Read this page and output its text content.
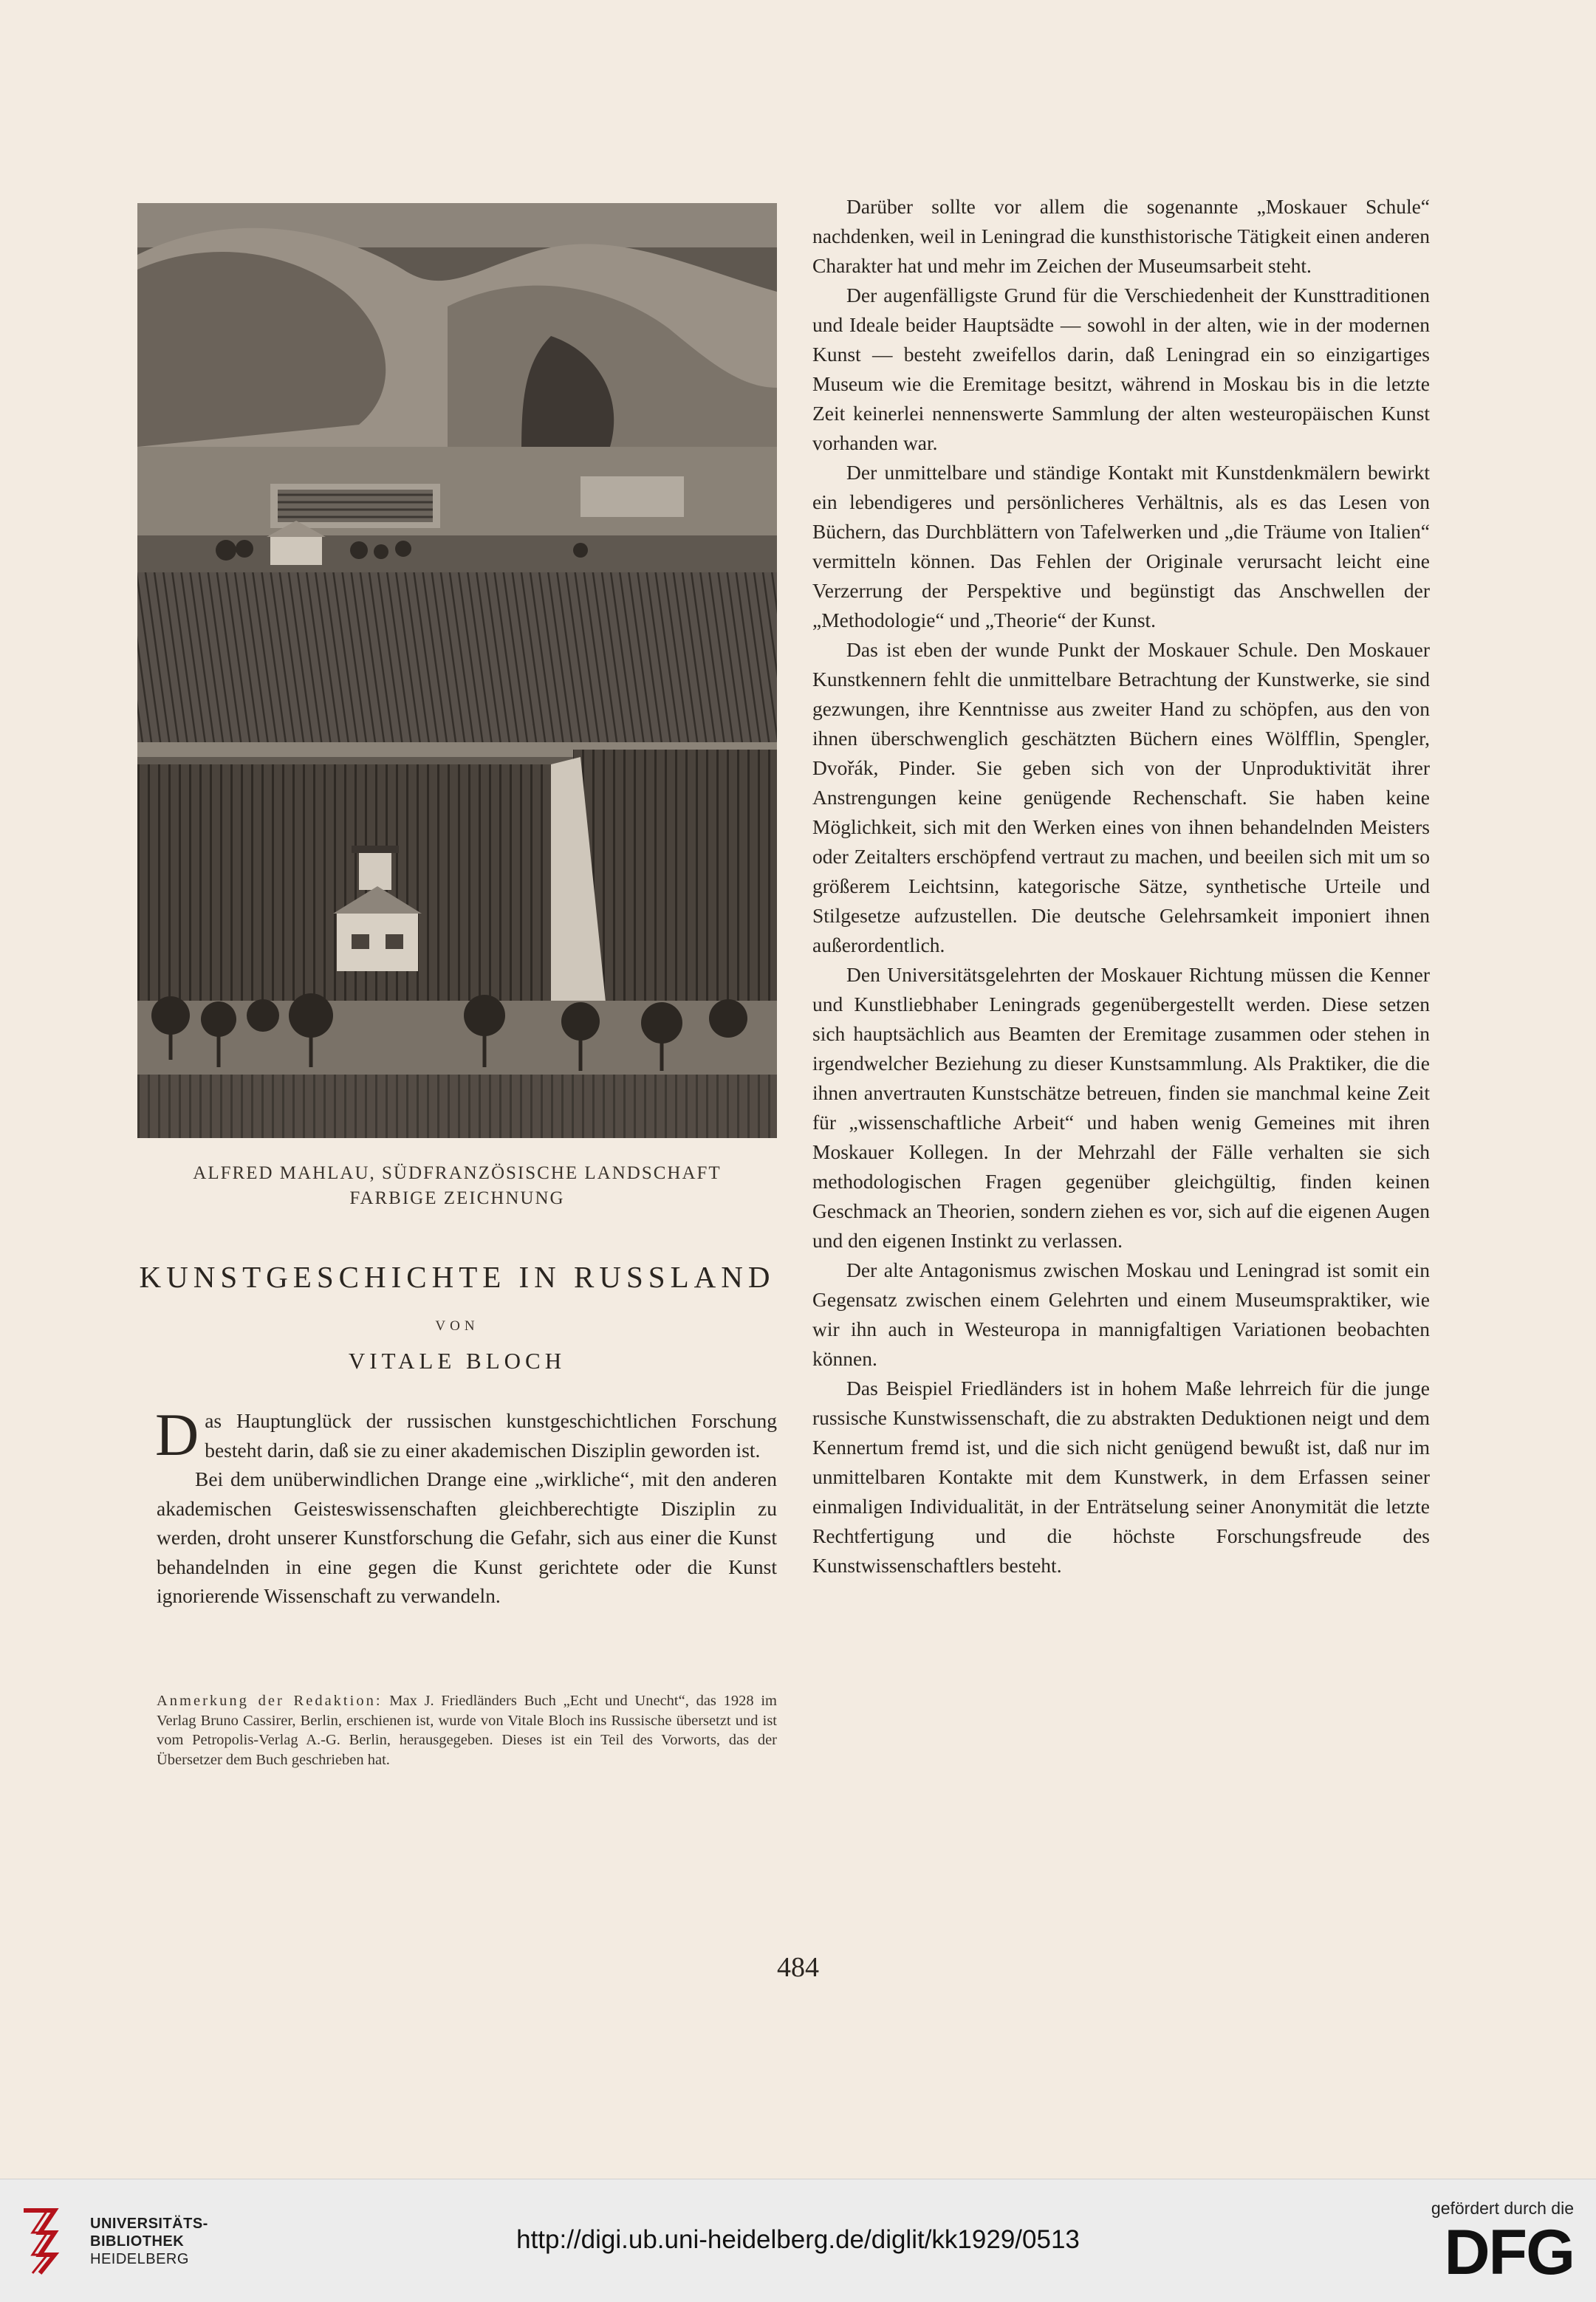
ALFRED MAHLAU, SÜDFRANZÖSISCHE LANDSCHAFT
FARBIGE ZEICHNUNG
KUNSTGESCHICHTE IN RUSSLAND
VON
VITALE BLOCH

Das Hauptunglück der russischen kunstgeschichtlichen Forschung besteht darin, daß sie zu einer akademischen Disziplin geworden ist.

Bei dem unüberwindlichen Drange eine „wirkliche“, mit den anderen akademischen Geisteswissenschaften gleichberechtigte Disziplin zu werden, droht unserer Kunstforschung die Gefahr, sich aus einer die Kunst behandelnden in eine gegen die Kunst gerichtete oder die Kunst ignorierende Wissenschaft zu verwandeln.

Anmerkung der Redaktion: Max J. Friedländers Buch „Echt und Unecht“, das 1928 im Verlag Bruno Cassirer, Berlin, erschienen ist, wurde von Vitale Bloch ins Russische übersetzt und ist vom Petropolis-Verlag A.-G. Berlin, herausgegeben. Dieses ist ein Teil des Vorworts, das der Übersetzer dem Buch geschrieben hat.

Darüber sollte vor allem die sogenannte „Moskauer Schule“ nachdenken, weil in Leningrad die kunsthistorische Tätigkeit einen anderen Charakter hat und mehr im Zeichen der Museumsarbeit steht.

Der augenfälligste Grund für die Verschiedenheit der Kunsttraditionen und Ideale beider Hauptsädte — sowohl in der alten, wie in der modernen Kunst — besteht zweifellos darin, daß Leningrad ein so einzigartiges Museum wie die Eremitage besitzt, während in Moskau bis in die letzte Zeit keinerlei nennenswerte Sammlung der alten westeuropäischen Kunst vorhanden war.

Der unmittelbare und ständige Kontakt mit Kunstdenkmälern bewirkt ein lebendigeres und persönlicheres Verhältnis, als es das Lesen von Büchern, das Durchblättern von Tafelwerken und „die Träume von Italien“ vermitteln können. Das Fehlen der Originale verursacht leicht eine Verzerrung der Perspektive und begünstigt das Anschwellen der „Methodologie“ und „Theorie“ der Kunst.

Das ist eben der wunde Punkt der Moskauer Schule. Den Moskauer Kunstkennern fehlt die unmittelbare Betrachtung der Kunstwerke, sie sind gezwungen, ihre Kenntnisse aus zweiter Hand zu schöpfen, aus den von ihnen überschwenglich geschätzten Büchern eines Wölfflin, Spengler, Dvořák, Pinder. Sie geben sich von der Unproduktivität ihrer Anstrengungen keine genügende Rechenschaft. Sie haben keine Möglichkeit, sich mit den Werken eines von ihnen behandelnden Meisters oder Zeitalters erschöpfend vertraut zu machen, und beeilen sich mit um so größerem Leichtsinn, kategorische Sätze, synthetische Urteile und Stilgesetze aufzustellen. Die deutsche Gelehrsamkeit imponiert ihnen außerordentlich.

Den Universitätsgelehrten der Moskauer Richtung müssen die Kenner und Kunstliebhaber Leningrads gegenübergestellt werden. Diese setzen sich hauptsächlich aus Beamten der Eremitage zusammen oder stehen in irgendwelcher Beziehung zu dieser Kunstsammlung. Als Praktiker, die die ihnen anvertrauten Kunstschätze betreuen, finden sie manchmal keine Zeit für „wissenschaftliche Arbeit“ und haben wenig Gemeines mit ihren Moskauer Kollegen. In der Mehrzahl der Fälle verhalten sie sich methodologischen Fragen gegenüber gleichgültig, finden keinen Geschmack an Theorien, sondern ziehen es vor, sich auf die eigenen Augen und den eigenen Instinkt zu verlassen.

Der alte Antagonismus zwischen Moskau und Leningrad ist somit ein Gegensatz zwischen einem Gelehrten und einem Museumspraktiker, wie wir ihn auch in Westeuropa in mannigfaltigen Variationen beobachten können.

Das Beispiel Friedländers ist in hohem Maße lehrreich für die junge russische Kunstwissenschaft, die zu abstrakten Deduktionen neigt und dem Kennertum fremd ist, und die sich nicht genügend bewußt ist, daß nur im unmittelbaren Kontakte mit dem Kunstwerk, in dem Erfassen seiner einmaligen Individualität, in der Enträtselung seiner Anonymität die letzte Rechtfertigung und die höchste Forschungsfreude des Kunstwissenschaftlers besteht.

484
UNIVERSITÄTS-
BIBLIOTHEK
HEIDELBERG
http://digi.ub.uni-heidelberg.de/diglit/kk1929/0513
gefördert durch die
DFG
